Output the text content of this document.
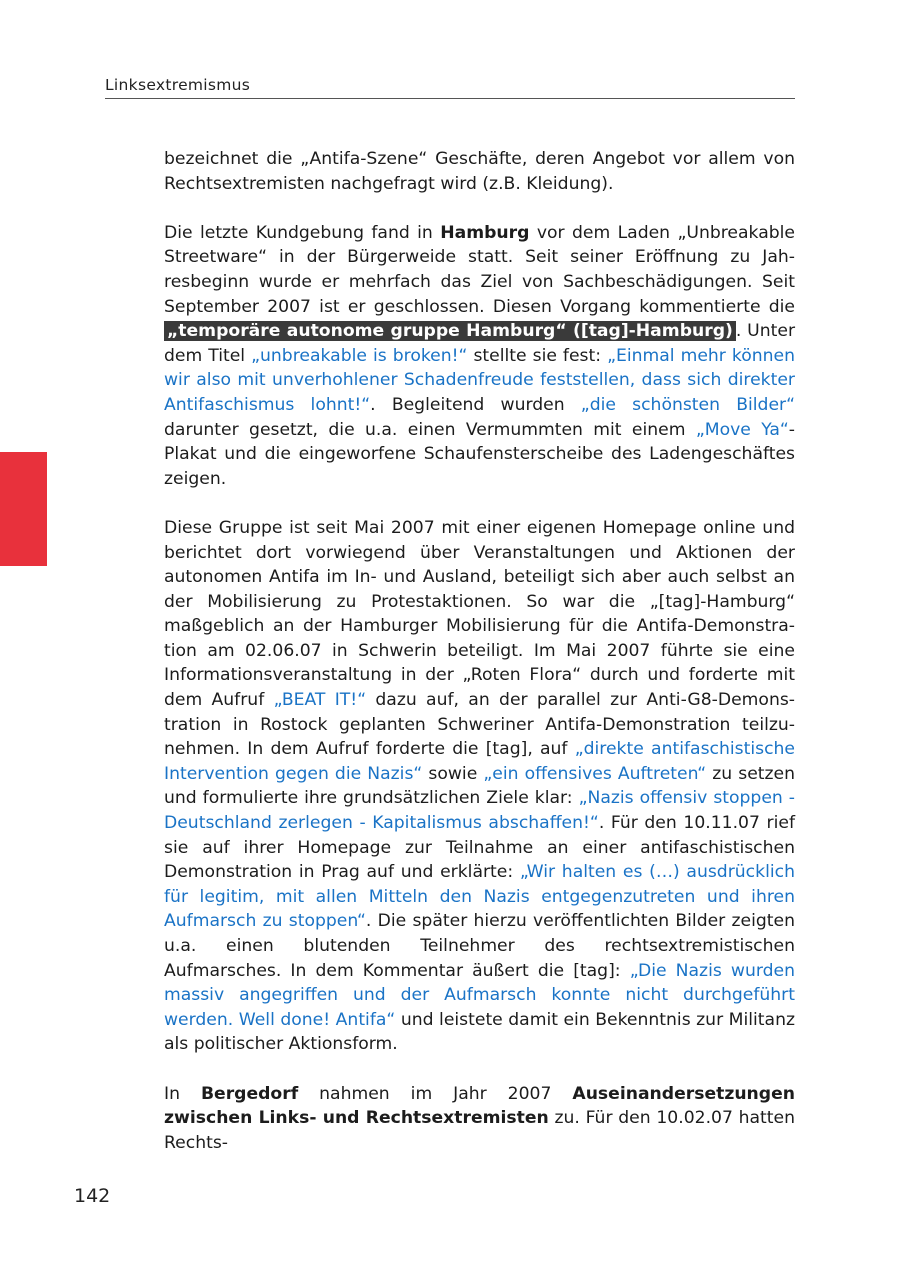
Linksextremismus

bezeichnet die „Antifa-Szene“ Geschäfte, deren Angebot vor allem von Rechtsextremisten nachgefragt wird (z.B. Kleidung).

Die letzte Kundgebung fand in Hamburg vor dem Laden „Unbreakable Streetware“ in der Bürgerweide statt. Seit seiner Eröffnung zu Jahresbeginn wurde er mehrfach das Ziel von Sachbeschädigungen. Seit September 2007 ist er geschlossen. Diesen Vorgang kommentierte die „temporäre autonome gruppe Hamburg“ ([tag]-Hamburg) . Unter dem Titel „unbreakable is broken!“ stellte sie fest: „Einmal mehr können wir also mit unverhohlener Schadenfreude feststellen, dass sich direkter Antifaschismus lohnt!“. Begleitend wurden „die schönsten Bilder“ darunter gesetzt, die u.a. einen Vermummten mit einem „Move Ya“-Plakat und die eingeworfene Schaufensterscheibe des Ladengeschäftes zeigen.

Diese Gruppe ist seit Mai 2007 mit einer eigenen Homepage online und berichtet dort vorwiegend über Veranstaltungen und Aktionen der autonomen Antifa im In- und Ausland, beteiligt sich aber auch selbst an der Mobilisierung zu Protestaktionen. So war die „[tag]-Hamburg“ maßgeblich an der Hamburger Mobilisierung für die Antifa-Demonstration am 02.06.07 in Schwerin beteiligt. Im Mai 2007 führte sie eine Informationsveranstaltung in der „Roten Flora“ durch und forderte mit dem Aufruf „BEAT IT!“ dazu auf, an der parallel zur Anti-G8-Demonstration in Rostock geplanten Schweriner Antifa-Demonstration teilzunehmen. In dem Aufruf forderte die [tag], auf „direkte antifaschistische Intervention gegen die Nazis“ sowie „ein offensives Auftreten“ zu setzen und formulierte ihre grundsätzlichen Ziele klar: „Nazis offensiv stoppen - Deutschland zerlegen - Kapitalismus abschaffen!“. Für den 10.11.07 rief sie auf ihrer Homepage zur Teilnahme an einer antifaschistischen Demonstration in Prag auf und erklärte: „Wir halten es (…) ausdrücklich für legitim, mit allen Mitteln den Nazis entgegenzutreten und ihren Aufmarsch zu stoppen“. Die später hierzu veröffentlichten Bilder zeigten u.a. einen blutenden Teilnehmer des rechtsextremistischen Aufmarsches. In dem Kommentar äußert die [tag]: „Die Nazis wurden massiv angegriffen und der Aufmarsch konnte nicht durchgeführt werden. Well done! Antifa“ und leistete damit ein Bekenntnis zur Militanz als politischer Aktionsform.

In Bergedorf nahmen im Jahr 2007 Auseinandersetzungen zwischen Links- und Rechtsextremisten zu. Für den 10.02.07 hatten Rechts-

142
